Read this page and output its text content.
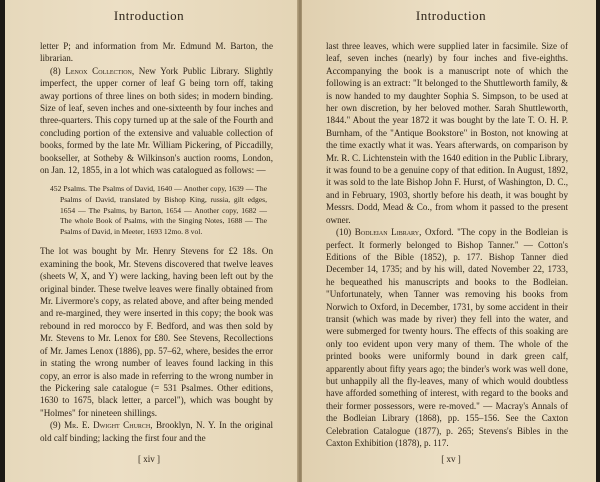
Introduction

letter P; and information from Mr. Edmund M. Barton, the librarian.

(8) Lenox Collection, New York Public Library. Slightly imperfect, the upper corner of leaf G being torn off, taking away portions of three lines on both sides; in modern binding. Size of leaf, seven inches and one-sixteenth by four inches and three-quarters. This copy turned up at the sale of the Fourth and concluding portion of the extensive and valuable collection of books, formed by the late Mr. William Pickering, of Piccadilly, bookseller, at Sotheby & Wilkinson's auction rooms, London, on Jan. 12, 1855, in a lot which was catalogued as follows: —

452 Psalms. The Psalms of David, 1640 — Another copy, 1639 — The Psalms of David, translated by Bishop King, russia, gilt edges, 1654 — The Psalms, by Barton, 1654 — Another copy, 1682 — The whole Book of Psalms, with the Singing Notes, 1688 — The Psalms of David, in Meeter, 1693 12mo. 8 vol.

The lot was bought by Mr. Henry Stevens for £2 18s. On examining the book, Mr. Stevens discovered that twelve leaves (sheets W, X, and Y) were lacking, having been left out by the original binder. These twelve leaves were finally obtained from Mr. Livermore's copy, as related above, and after being mended and re-margined, they were inserted in this copy; the book was rebound in red morocco by F. Bedford, and was then sold by Mr. Stevens to Mr. Lenox for £80. See Stevens, Recollections of Mr. James Lenox (1886), pp. 57–62, where, besides the error in stating the wrong number of leaves found lacking in this copy, an error is also made in referring to the wrong number in the Pickering sale catalogue (= 531 Psalmes. Other editions, 1630 to 1675, black letter, a parcel"), which was bought by "Holmes" for nineteen shillings.

(9) Mr. E. Dwight Church, Brooklyn, N. Y. In the original old calf binding; lacking the first four and the

[ xiv ]
Introduction

last three leaves, which were supplied later in facsimile. Size of leaf, seven inches (nearly) by four inches and five-eighths. Accompanying the book is a manuscript note of which the following is an extract: "It belonged to the Shuttleworth family, & is now handed to my daughter Sophia S. Simpson, to be used at her own discretion, by her beloved mother. Sarah Shuttleworth, 1844." About the year 1872 it was bought by the late T. O. H. P. Burnham, of the "Antique Bookstore" in Boston, not knowing at the time exactly what it was. Years afterwards, on comparison by Mr. R. C. Lichtenstein with the 1640 edition in the Public Library, it was found to be a genuine copy of that edition. In August, 1892, it was sold to the late Bishop John F. Hurst, of Washington, D. C., and in February, 1903, shortly before his death, it was bought by Messrs. Dodd, Mead & Co., from whom it passed to the present owner.

(10) Bodleian Library, Oxford. "The copy in the Bodleian is perfect. It formerly belonged to Bishop Tanner." — Cotton's Editions of the Bible (1852), p. 177. Bishop Tanner died December 14, 1735; and by his will, dated November 22, 1733, he bequeathed his manuscripts and books to the Bodleian. "Unfortunately, when Tanner was removing his books from Norwich to Oxford, in December, 1731, by some accident in their transit (which was made by river) they fell into the water, and were submerged for twenty hours. The effects of this soaking are only too evident upon very many of them. The whole of the printed books were uniformly bound in dark green calf, apparently about fifty years ago; the binder's work was well done, but unhappily all the fly-leaves, many of which would doubtless have afforded something of interest, with regard to the books and their former possessors, were re-moved." — Macray's Annals of the Bodleian Library (1868), pp. 155–156. See the Caxton Celebration Catalogue (1877), p. 265; Stevens's Bibles in the Caxton Exhibition (1878), p. 117.

[ xv ]
